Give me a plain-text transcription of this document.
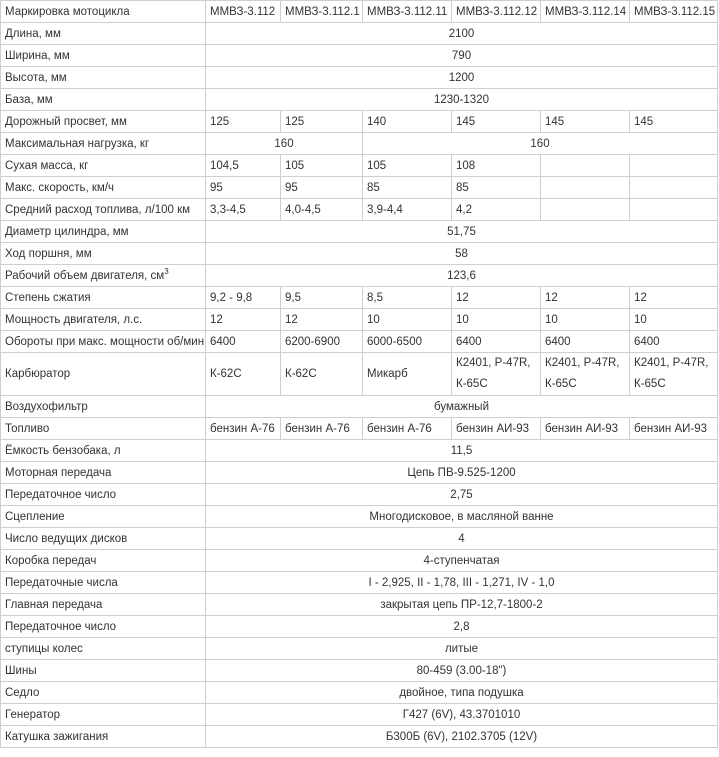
Маркировка мотоцикла	ММВЗ-3.112	ММВЗ-3.112.1	ММВЗ-3.112.11	ММВЗ-3.112.12	ММВЗ-3.112.14	ММВЗ-3.112.15
Длина, мм	2100					
Ширина, мм	790					
Высота, мм	1200					
База, мм	1230-1320					
Дорожный просвет, мм	125	125	140	145	145	145
Максимальная нагрузка, кг	160		160			
Сухая масса, кг	104,5	105	105	108		
Макс. скорость, км/ч	95	95	85	85		
Средний расход топлива, л/100 км	3,3-4,5	4,0-4,5	3,9-4,4	4,2		
Диаметр цилиндра, мм	51,75					
Ход поршня, мм	58					
Рабочий объем двигателя, $см^3$	123,6					
Степень сжатия	9,2 - 9,8	9,5	8,5	12	12	12
Мощность двигателя, л.с.	12	12	10	10	10	10
Обороты при макс. мощности об/мин	6400	6200-6900	6000-6500	6400	6400	6400
Карбюратор	К-62С	К-62С	Микарб	К2401, Р-47R, К-65С	К2401, Р-47R, К-65С	К2401, Р-47R, К-65С
Воздухофильтр	бумажный					
Топливо	бензин А-76	бензин А-76	бензин А-76	бензин АИ-93	бензин АИ-93	бензин АИ-93
Ёмкость бензобака, л	11,5					
Моторная передача	Цепь ПВ-9.525-1200					
Передаточное число	2,75					
Сцепление	Многодисковое, в масляной ванне					
Число ведущих дисков	4					
Коробка передач	4-ступенчатая					
Передаточные числа	I - 2,925, II - 1,78, III - 1,271, IV - 1,0					
Главная передача	закрытая цепь ПР-12,7-1800-2					
Передаточное число	2,8					
ступицы колес	литые					
Шины	80-459 (3.00-18")					
Седло	двойное, типа подушка					
Генератор	Г427 (6V), 43.3701010					
Катушка зажигания	Б300Б (6V), 2102.3705 (12V)					
